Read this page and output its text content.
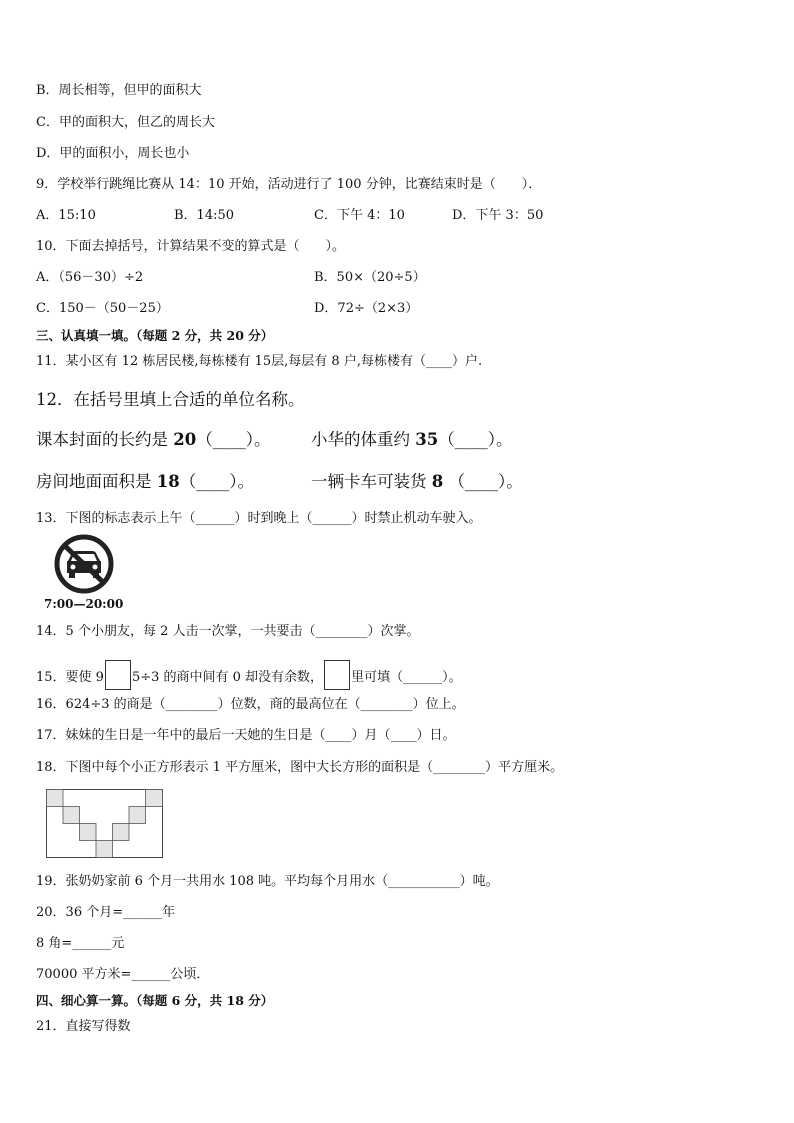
B．周长相等，但甲的面积大
C．甲的面积大，但乙的周长大
D．甲的面积小，周长也小
9．学校举行跳绳比赛从 14：10 开始，活动进行了 100 分钟，比赛结束时是（　　）．
A．15:10	B．14:50	C．下午 4：10	D．下午 3：50
10．下面去掉括号，计算结果不变的算式是（　　）。
A．（56－30）÷2	B．50×（20÷5）
C．150－（50－25）	D．72÷（2×3）
三、认真填一填。（每题 2 分，共 20 分）
11．某小区有 12 栋居民楼,每栋楼有 15层,每层有 8 户,每栋楼有（____）户.
12．在括号里填上合适的单位名称。
课本封面的长约是 20（____）。 小华的体重约 35（____）。
房间地面面积是 18（____）。	一辆卡车可装货 8 （____）。
13．下图的标志表示上午（______）时到晚上（______）时禁止机动车驶入。
7:00—20:00
14．5 个小朋友，每 2 人击一次掌，一共要击（________）次掌。
15．要使 9 5÷3 的商中间有 0 却没有余数， 里可填（______）。
16．624÷3 的商是（________）位数，商的最高位在（________）位上。
17．妹妹的生日是一年中的最后一天她的生日是（____）月（____）日。
18．下图中每个小正方形表示 1 平方厘米，图中大长方形的面积是（________）平方厘米。
19．张奶奶家前 6 个月一共用水 108 吨。平均每个月用水（___________）吨。
20．36 个月=______年
8 角=______元
70000 平方米=______公顷．
四、细心算一算。（每题 6 分，共 18 分）
21．直接写得数
